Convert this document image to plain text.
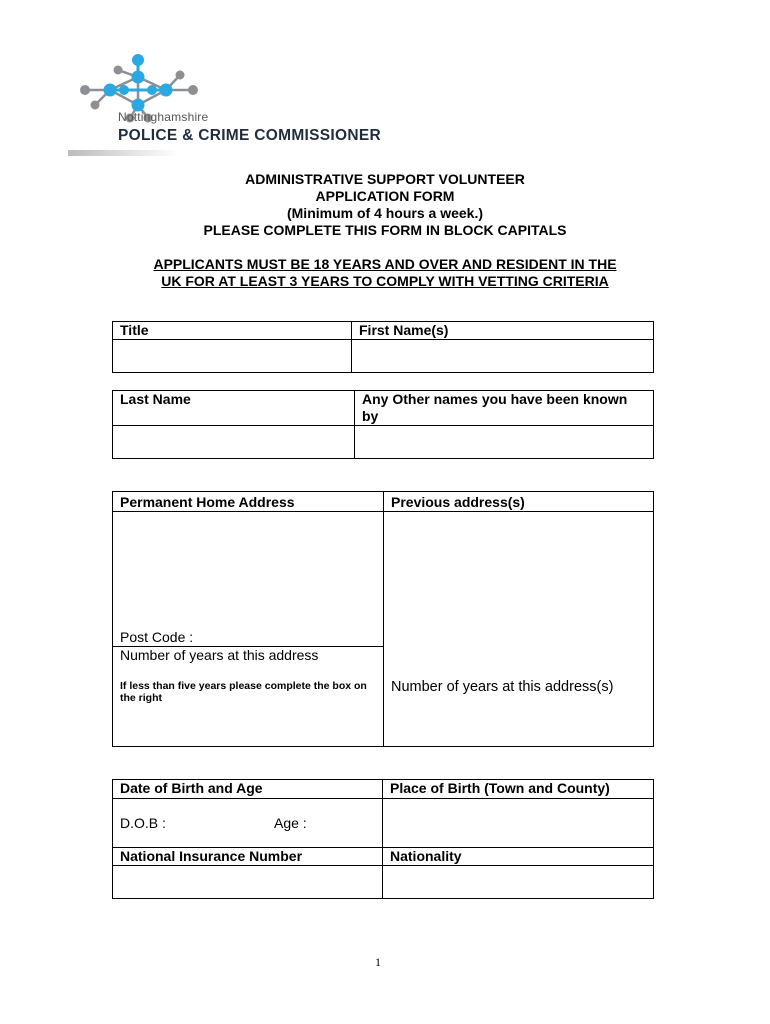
Nottinghamshire
POLICE & CRIME COMMISSIONER
ADMINISTRATIVE SUPPORT VOLUNTEER
APPLICATION FORM
(Minimum of 4 hours a week.)
PLEASE COMPLETE THIS FORM IN BLOCK CAPITALS
APPLICANTS MUST BE 18 YEARS AND OVER AND RESIDENT IN THE
UK FOR AT LEAST 3 YEARS TO COMPLY WITH VETTING CRITERIA
Title	First Name(s)

Last Name	Any Other names you have been known by

Permanent Home Address	Previous address(s)
Post Code :
Number of years at this address
If less than five years please complete the box on the right
Number of years at this address(s)
Date of Birth and Age	Place of Birth (Town and County)
D.O.B : Age :	

National Insurance Number	Nationality

1
